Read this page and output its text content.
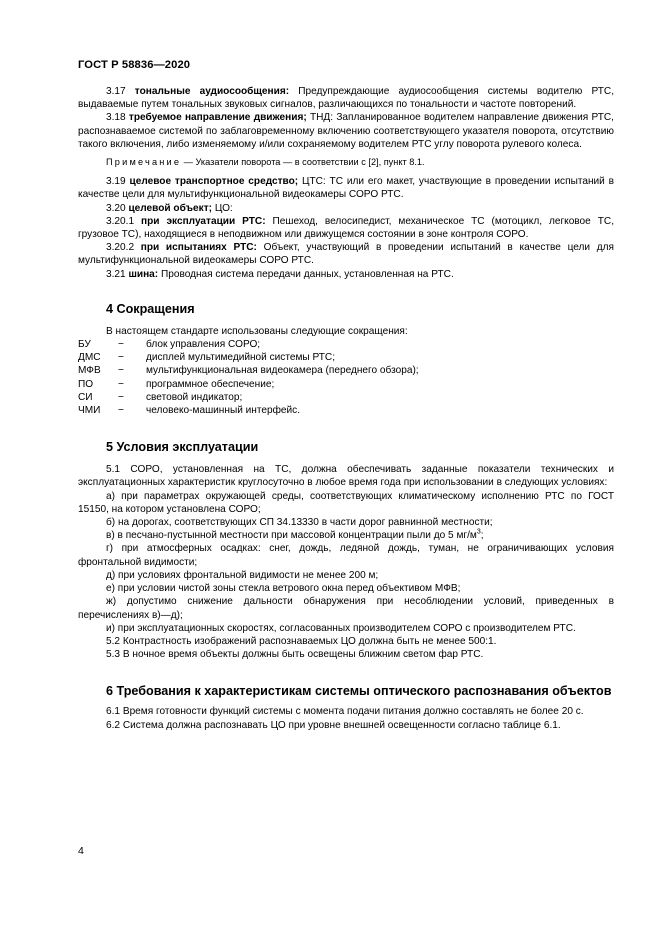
ГОСТ Р 58836—2020

3.17 тональные аудиосообщения: Предупреждающие аудиосообщения системы водителю РТС, выдаваемые путем тональных звуковых сигналов, различающихся по тональности и частоте повторений.

3.18 требуемое направление движения; ТНД: Запланированное водителем направление движения РТС, распознаваемое системой по заблаговременному включению соответствующего указателя поворота, отсутствию такого включения, либо изменяемому и/или сохраняемому водителем РТС углу поворота рулевого колеса.

Примечание — Указатели поворота — в соответствии с [2], пункт 8.1.

3.19 целевое транспортное средство; ЦТС: ТС или его макет, участвующие в проведении испытаний в качестве цели для мультифункциональной видеокамеры СОРО РТС.

3.20 целевой объект; ЦО:

3.20.1 при эксплуатации РТС: Пешеход, велосипедист, механическое ТС (мотоцикл, легковое ТС, грузовое ТС), находящиеся в неподвижном или движущемся состоянии в зоне контроля СОРО.

3.20.2 при испытаниях РТС: Объект, участвующий в проведении испытаний в качестве цели для мультифункциональной видеокамеры СОРО РТС.

3.21 шина: Проводная система передачи данных, установленная на РТС.

4 Сокращения

В настоящем стандарте использованы следующие сокращения:

БУ	−	блок управления СОРО;
ДМС	−	дисплей мультимедийной системы РТС;
МФВ	−	мультифункциональная видеокамера (переднего обзора);
ПО	−	программное обеспечение;
СИ	−	световой индикатор;
ЧМИ	−	человеко-машинный интерфейс.
5 Условия эксплуатации

5.1 СОРО, установленная на ТС, должна обеспечивать заданные показатели технических и эксплуатационных характеристик круглосуточно в любое время года при использовании в следующих условиях:

а) при параметрах окружающей среды, соответствующих климатическому исполнению РТС по ГОСТ 15150, на котором установлена СОРО;

б) на дорогах, соответствующих СП 34.13330 в части дорог равнинной местности;

в) в песчано-пустынной местности при массовой концентрации пыли до 5 $мг/м^3$;

г) при атмосферных осадках: снег, дождь, ледяной дождь, туман, не ограничивающих условия фронтальной видимости;

д) при условиях фронтальной видимости не менее 200 м;

е) при условии чистой зоны стекла ветрового окна перед объективом МФВ;

ж) допустимо снижение дальности обнаружения при несоблюдении условий, приведенных в перечислениях в)—д);

и) при эксплуатационных скоростях, согласованных производителем СОРО с производителем РТС.

5.2 Контрастность изображений распознаваемых ЦО должна быть не менее 500:1.

5.3 В ночное время объекты должны быть освещены ближним светом фар РТС.

6 Требования к характеристикам системы оптического распознавания объектов

6.1 Время готовности функций системы с момента подачи питания должно составлять не более 20 с.

6.2 Система должна распознавать ЦО при уровне внешней освещенности согласно таблице 6.1.

4
